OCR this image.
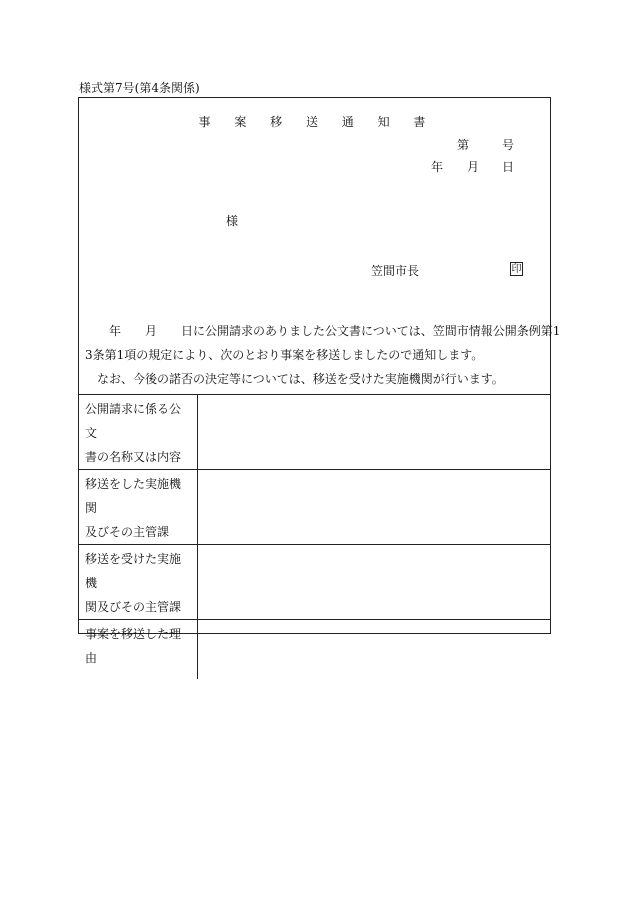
様式第7号(第4条関係)
事 案 移 送 通 知 書
第	号
年 月 日
様
笠間市長	印

　年　　月　　日に公開請求のありました公文書については、笠間市情報公開条例第1

3条第1項の規定により、次のとおり事案を移送しましたので通知します。

　なお、今後の諾否の決定等については、移送を受けた実施機関が行います。

公開請求に係る公文
書の名称又は内容	

移送をした実施機関
及びその主管課	

移送を受けた実施機
関及びその主管課	

事案を移送した理由	
